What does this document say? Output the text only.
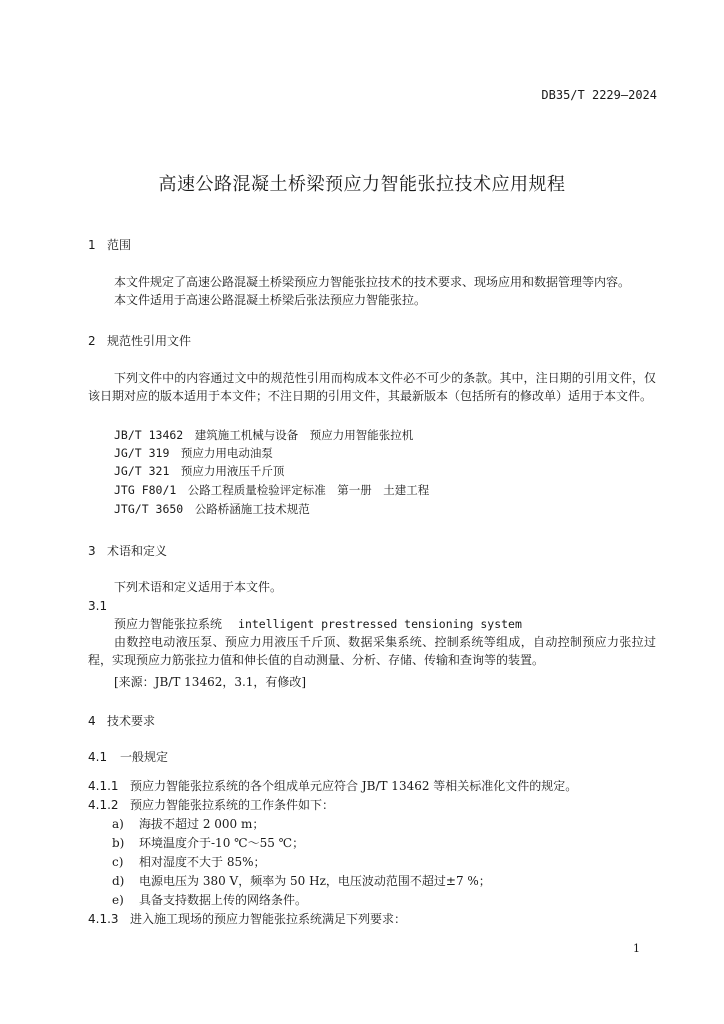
DB35/T 2229—2024
高速公路混凝土桥梁预应力智能张拉技术应用规程
1 范围
本文件规定了高速公路混凝土桥梁预应力智能张拉技术的技术要求、现场应用和数据管理等内容。
本文件适用于高速公路混凝土桥梁后张法预应力智能张拉。
2 规范性引用文件
下列文件中的内容通过文中的规范性引用而构成本文件必不可少的条款。其中，注日期的引用文件，仅该日期对应的版本适用于本文件；不注日期的引用文件，其最新版本（包括所有的修改单）适用于本文件。
JB/T 13462　建筑施工机械与设备　预应力用智能张拉机
JG/T 319　预应力用电动油泵
JG/T 321　预应力用液压千斤顶
JTG F80/1　公路工程质量检验评定标准　第一册　土建工程
JTG/T 3650　公路桥涵施工技术规范
3 术语和定义
下列术语和定义适用于本文件。
3.1
预应力智能张拉系统 intelligent prestressed tensioning system
由数控电动液压泵、预应力用液压千斤顶、数据采集系统、控制系统等组成，自动控制预应力张拉过程，实现预应力筋张拉力值和伸长值的自动测量、分析、存储、传输和查询等的装置。
[来源：JB/T 13462，3.1，有修改]
4 技术要求
4.1 一般规定
4.1.1 预应力智能张拉系统的各个组成单元应符合 JB/T 13462 等相关标准化文件的规定。
4.1.2 预应力智能张拉系统的工作条件如下：
a) 海拔不超过 2 000 m；
b) 环境温度介于-10 ℃～55 ℃；
c) 相对湿度不大于 85%；
d) 电源电压为 380 V，频率为 50 Hz，电压波动范围不超过±7 %；
e) 具备支持数据上传的网络条件。
4.1.3 进入施工现场的预应力智能张拉系统满足下列要求：
1
